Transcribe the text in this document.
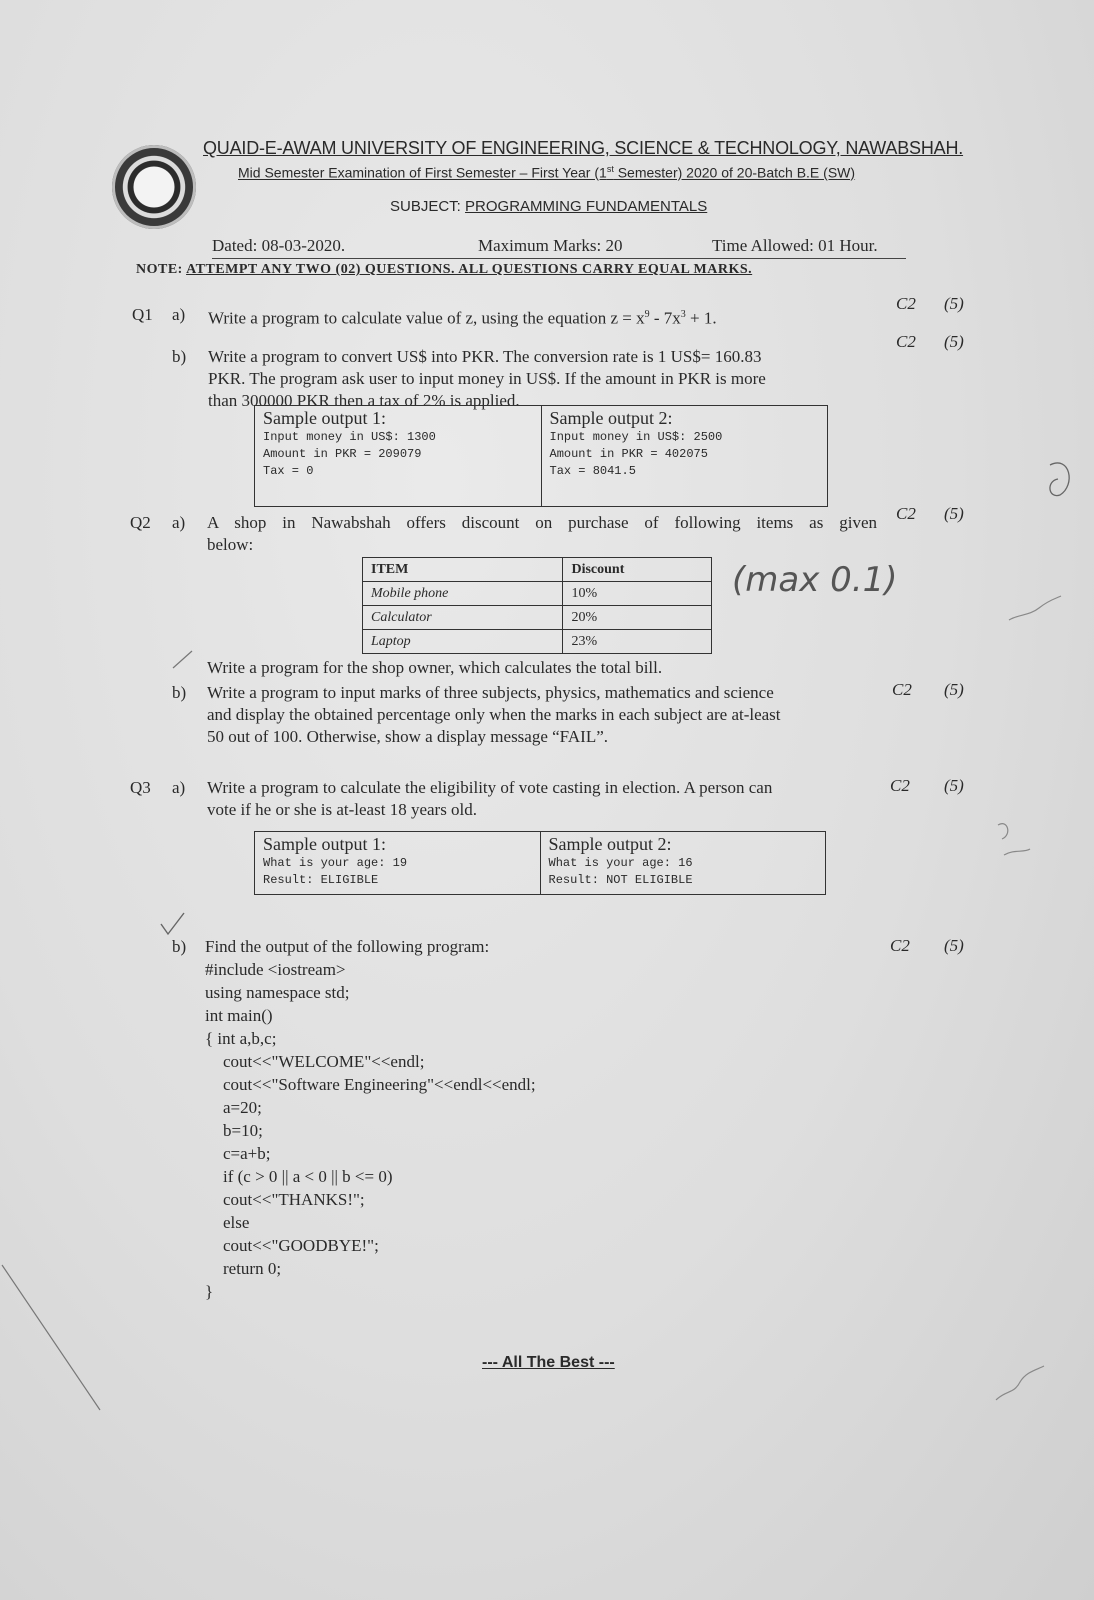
QUAID-E-AWAM UNIVERSITY OF ENGINEERING, SCIENCE & TECHNOLOGY, NAWABSHAH.
Mid Semester Examination of First Semester – First Year (1st Semester) 2020 of 20-Batch B.E (SW)
SUBJECT: PROGRAMMING FUNDAMENTALS
Dated: 08-03-2020.	Maximum Marks: 20	Time Allowed: 01 Hour.
NOTE: ATTEMPT ANY TWO (02) QUESTIONS. ALL QUESTIONS CARRY EQUAL MARKS.
Q1 a) Write a program to calculate value of z, using the equation $z = x^9 - 7x^3 + 1$.
C2 (5)
b) Write a program to convert US$ into PKR. The conversion rate is 1 US$= 160.83
PKR. The program ask user to input money in US$. If the amount in PKR is more
than 300000 PKR then a tax of 2% is applied.
C2 (5)
Sample output 1:
Input money in US$: 1300
Amount in PKR = 209079
Tax = 0
Sample output 2:
Input money in US$: 2500
Amount in PKR = 402075
Tax = 8041.5
Q2 a) A shop in Nawabshah offers discount on purchase of following items as given
below:
C2 (5)
ITEM	Discount
Mobile phone	10%
Calculator	20%
Laptop	23%
(max 0.1)
Write a program for the shop owner, which calculates the total bill.
b) Write a program to input marks of three subjects, physics, mathematics and science
and display the obtained percentage only when the marks in each subject are at-least
50 out of 100. Otherwise, show a display message “FAIL”.
C2 (5)
Q3 a) Write a program to calculate the eligibility of vote casting in election. A person can
vote if he or she is at-least 18 years old.
C2 (5)
Sample output 1:
What is your age: 19
Result: ELIGIBLE
Sample output 2:
What is your age: 16
Result: NOT ELIGIBLE
b) Find the output of the following program:	C2 (5)
#include <iostream>
using namespace std;
int main()
{ int a,b,c;
cout<<"WELCOME"<<endl;
cout<<"Software Engineering"<<endl<<endl;
a=20;
b=10;
c=a+b;
if (c > 0 || a < 0 || b <= 0)
cout<<"THANKS!";
else
cout<<"GOODBYE!";
return 0;
}
--- All The Best ---
